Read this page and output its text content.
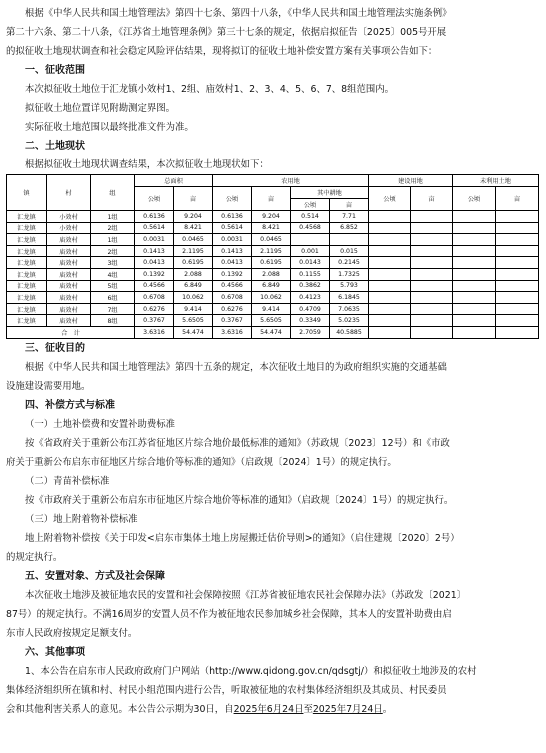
根据《中华人民共和国土地管理法》第四十七条、第四十八条，《中华人民共和国土地管理法实施条例》

第二十六条、第二十八条，《江苏省土地管理条例》第三十七条的规定，依据启拟征告〔2025〕005号开展

的拟征收土地现状调查和社会稳定风险评估结果，现将拟订的征收土地补偿安置方案有关事项公告如下：

一、征收范围

本次拟征收土地位于汇龙镇小效村1、2组、庙效村1、2、3、4、5、6、7、8组范围内。

拟征收土地位置详见附勘测定界图。

实际征收土地范围以最终批准文件为准。

二、土地现状

根据拟征收土地现状调查结果，本次拟征收土地现状如下：

镇	村	组	总面积		农用地				建设用地		未利用土地	
			公顷	亩	公顷	亩	其中耕地		公顷	亩	公顷	亩
							公顷	亩				
汇龙镇	小效村	1组	0.6136	9.204	0.6136	9.204	0.514	7.71				
汇龙镇	小效村	2组	0.5614	8.421	0.5614	8.421	0.4568	6.852				
汇龙镇	庙效村	1组	0.0031	0.0465	0.0031	0.0465						
汇龙镇	庙效村	2组	0.1413	2.1195	0.1413	2.1195	0.001	0.015				
汇龙镇	庙效村	3组	0.0413	0.6195	0.0413	0.6195	0.0143	0.2145				
汇龙镇	庙效村	4组	0.1392	2.088	0.1392	2.088	0.1155	1.7325				
汇龙镇	庙效村	5组	0.4566	6.849	0.4566	6.849	0.3862	5.793				
汇龙镇	庙效村	6组	0.6708	10.062	0.6708	10.062	0.4123	6.1845				
汇龙镇	庙效村	7组	0.6276	9.414	0.6276	9.414	0.4709	7.0635				
汇龙镇	庙效村	8组	0.3767	5.6505	0.3767	5.6505	0.3349	5.0235				
合　计			3.6316	54.474	3.6316	54.474	2.7059	40.5885				

三、征收目的

根据《中华人民共和国土地管理法》第四十五条的规定，本次征收土地目的为政府组织实施的交通基础

设施建设需要用地。

四、补偿方式与标准

（一）土地补偿费和安置补助费标准

按《省政府关于重新公布江苏省征地区片综合地价最低标准的通知》（苏政规〔2023〕12号）和《市政

府关于重新公布启东市征地区片综合地价等标准的通知》（启政规〔2024〕1号）的规定执行。

（二）青苗补偿标准

按《市政府关于重新公布启东市征地区片综合地价等标准的通知》（启政规〔2024〕1号）的规定执行。

（三）地上附着物补偿标准

地上附着物补偿按《关于印发<启东市集体土地上房屋搬迁估价导则>的通知》（启住建规〔2020〕2号）

的规定执行。

五、安置对象、方式及社会保障

本次征收土地涉及被征地农民的安置和社会保障按照《江苏省被征地农民社会保障办法》（苏政发〔2021〕

87号）的规定执行。不满16周岁的安置人员不作为被征地农民参加城乡社会保障，其本人的安置补助费由启

东市人民政府按规定足额支付。

六、其他事项

1、本公告在启东市人民政府政府门户网站（http://www.qidong.gov.cn/qdsgtj/）和拟征收土地涉及的农村

集体经济组织所在镇和村、村民小组范围内进行公告，听取被征地的农村集体经济组织及其成员、村民委员

会和其他利害关系人的意见。本公告公示期为30日，自2025年6月24日至2025年7月24日。
